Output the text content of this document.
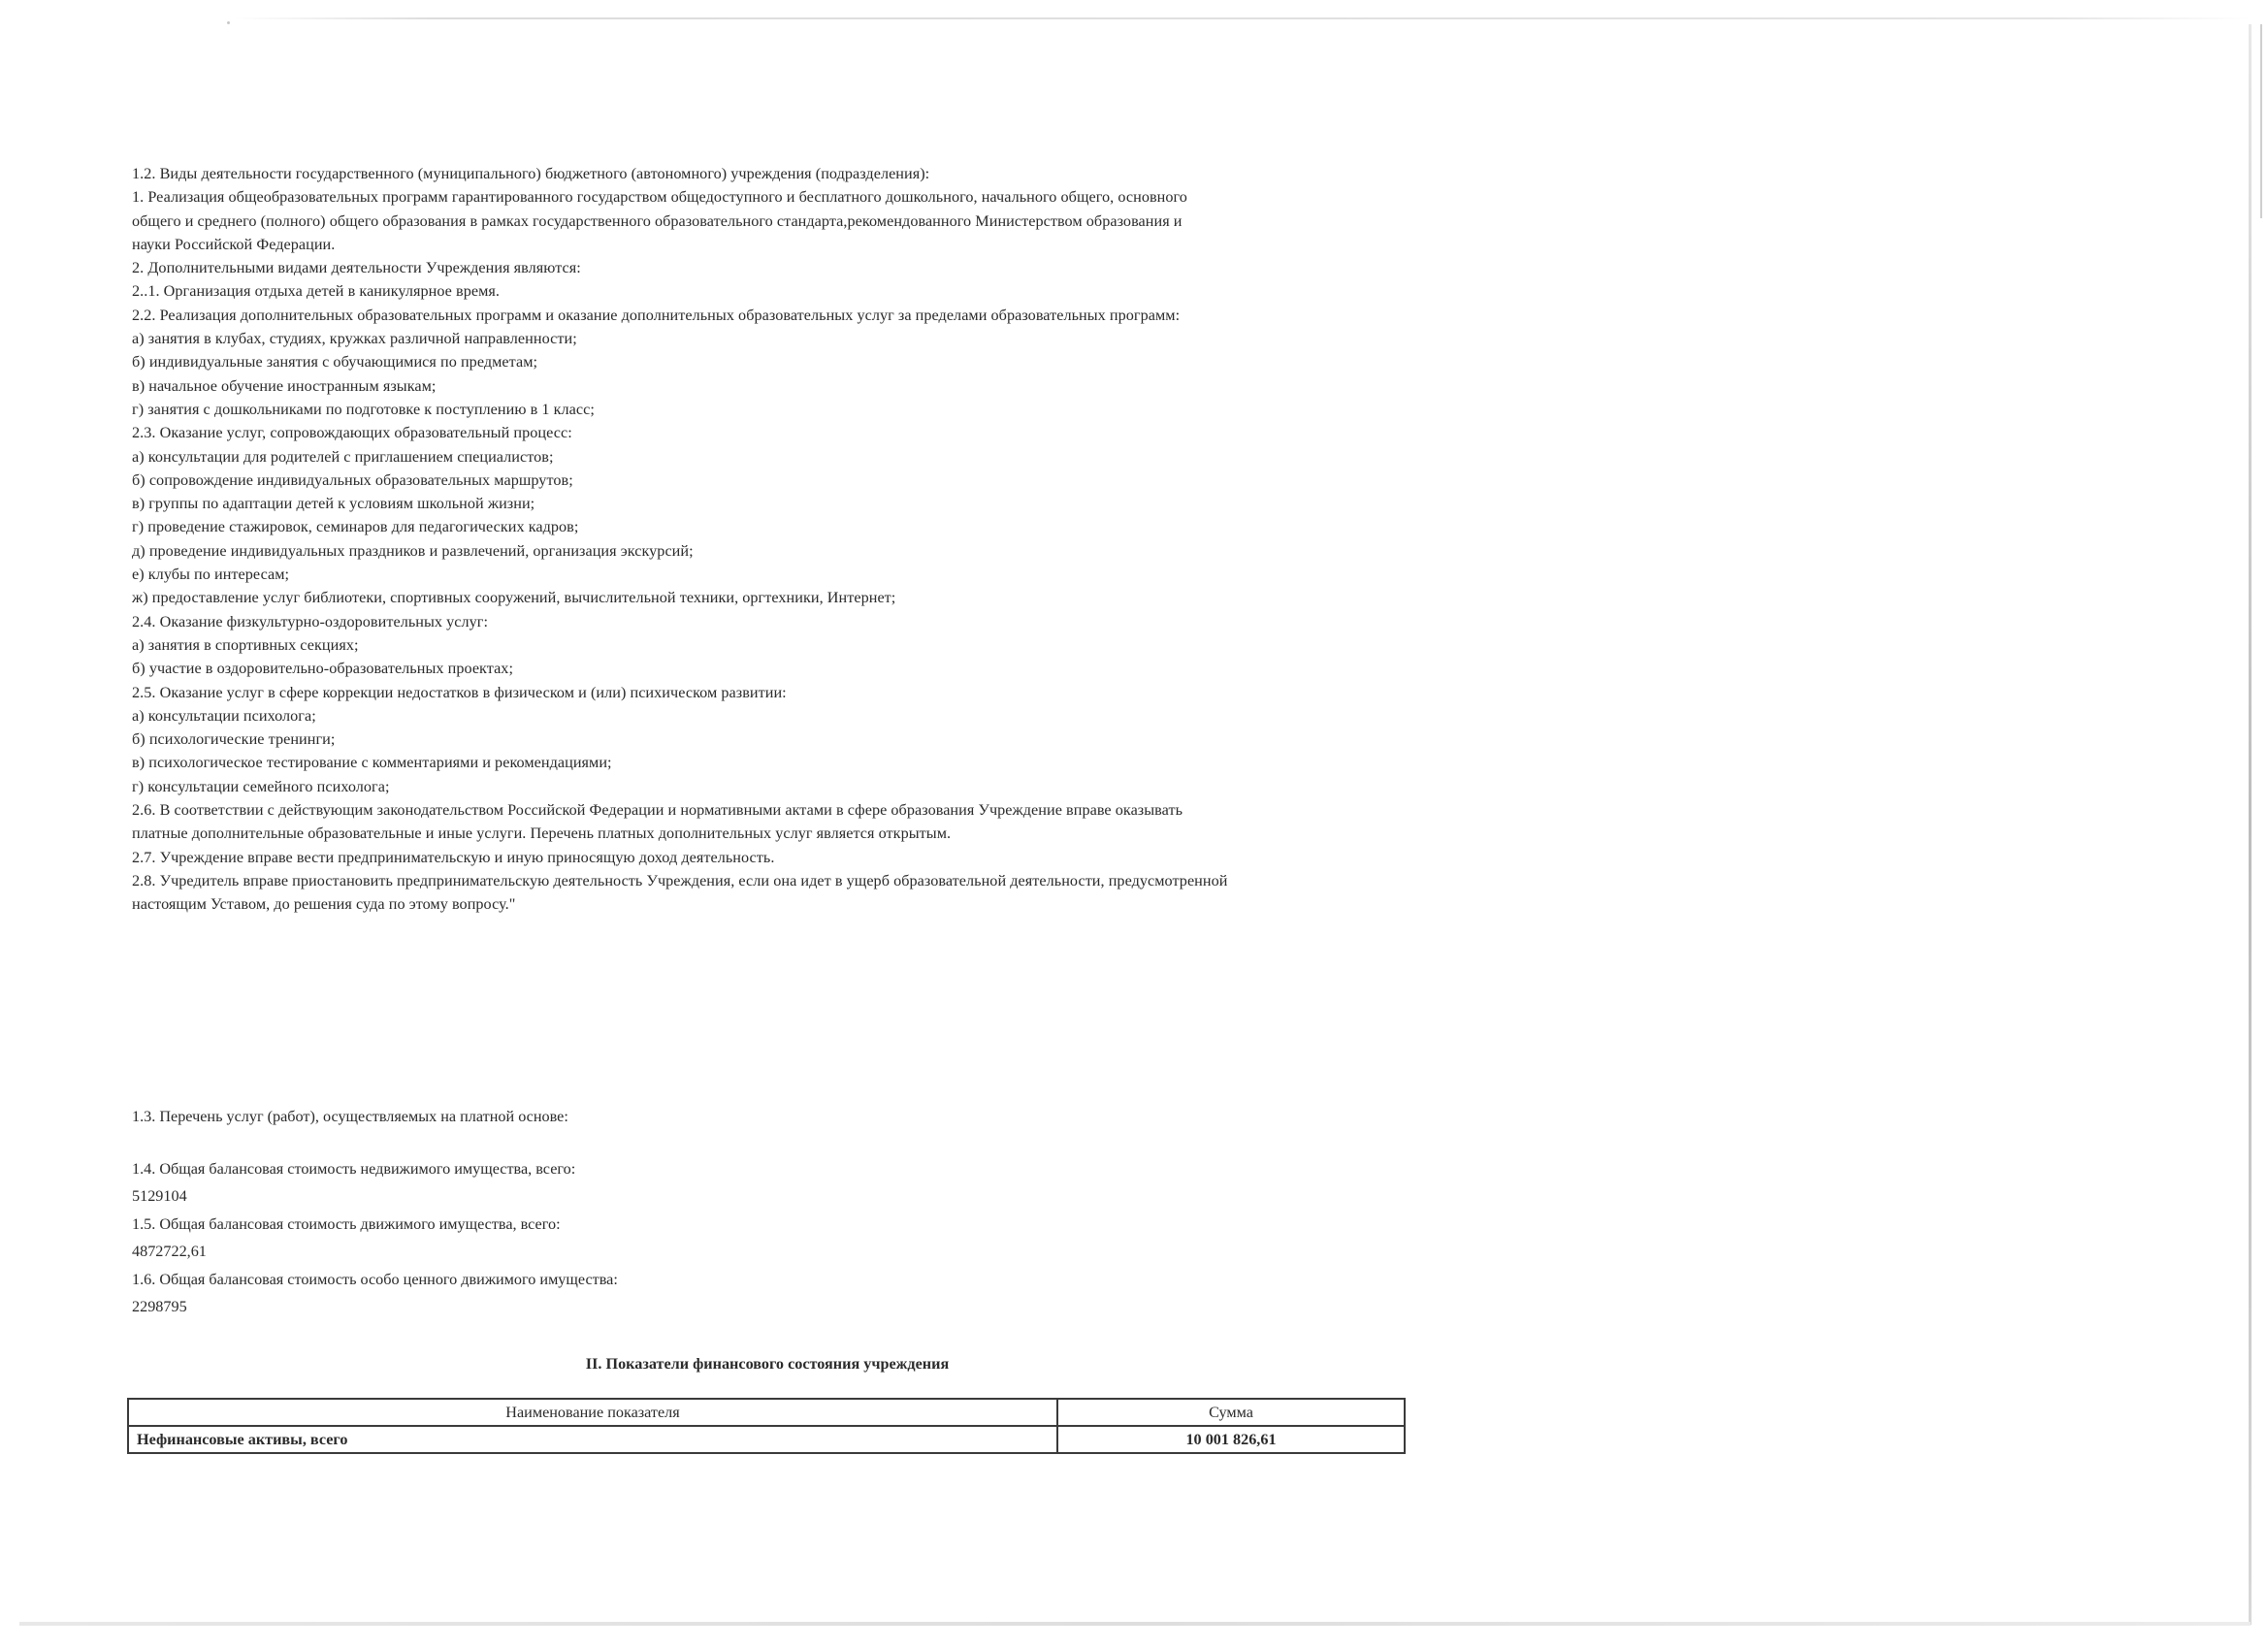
1.2. Виды деятельности государственного (муниципального) бюджетного (автономного) учреждения (подразделения):
1. Реализация общеобразовательных программ гарантированного государством общедоступного и бесплатного дошкольного, начального общего, основного
общего и среднего (полного) общего образования в рамках государственного образовательного стандарта,рекомендованного Министерством образования и
науки Российской Федерации.
2. Дополнительными видами деятельности Учреждения являются:
2..1. Организация отдыха детей в каникулярное время.
2.2. Реализация дополнительных образовательных программ и оказание дополнительных образовательных услуг за пределами образовательных программ:
а) занятия в клубах, студиях, кружках различной направленности;
б) индивидуальные занятия с обучающимися по предметам;
в) начальное обучение иностранным языкам;
г) занятия с дошкольниками по подготовке к поступлению в 1 класс;
2.3. Оказание услуг, сопровождающих образовательный процесс:
а) консультации для родителей с приглашением специалистов;
б) сопровождение индивидуальных образовательных маршрутов;
в) группы по адаптации детей к условиям школьной жизни;
г) проведение стажировок, семинаров для педагогических кадров;
д) проведение индивидуальных праздников и развлечений, организация экскурсий;
е) клубы по интересам;
ж) предоставление услуг библиотеки, спортивных сооружений, вычислительной техники, оргтехники, Интернет;
2.4. Оказание физкультурно-оздоровительных услуг:
а) занятия в спортивных секциях;
б) участие в оздоровительно-образовательных проектах;
2.5. Оказание услуг в сфере коррекции недостатков в физическом и (или) психическом развитии:
а) консультации психолога;
б) психологические тренинги;
в) психологическое тестирование с комментариями и рекомендациями;
г) консультации семейного психолога;
2.6. В соответствии с действующим законодательством Российской Федерации и нормативными актами в сфере образования Учреждение вправе оказывать
платные дополнительные образовательные и иные услуги. Перечень платных дополнительных услуг является открытым.
2.7. Учреждение вправе вести предпринимательскую и иную приносящую доход деятельность.
2.8. Учредитель вправе приостановить предпринимательскую деятельность Учреждения, если она идет в ущерб образовательной деятельности, предусмотренной
настоящим Уставом, до решения суда по этому вопросу."
1.3. Перечень услуг (работ), осуществляемых на платной основе:
1.4. Общая балансовая стоимость недвижимого имущества, всего:
5129104
1.5. Общая балансовая стоимость движимого имущества, всего:
4872722,61
1.6. Общая балансовая стоимость особо ценного движимого имущества:
2298795
II. Показатели финансового состояния учреждения
Наименование показателя	Сумма
Нефинансовые активы, всего	10 001 826,61
